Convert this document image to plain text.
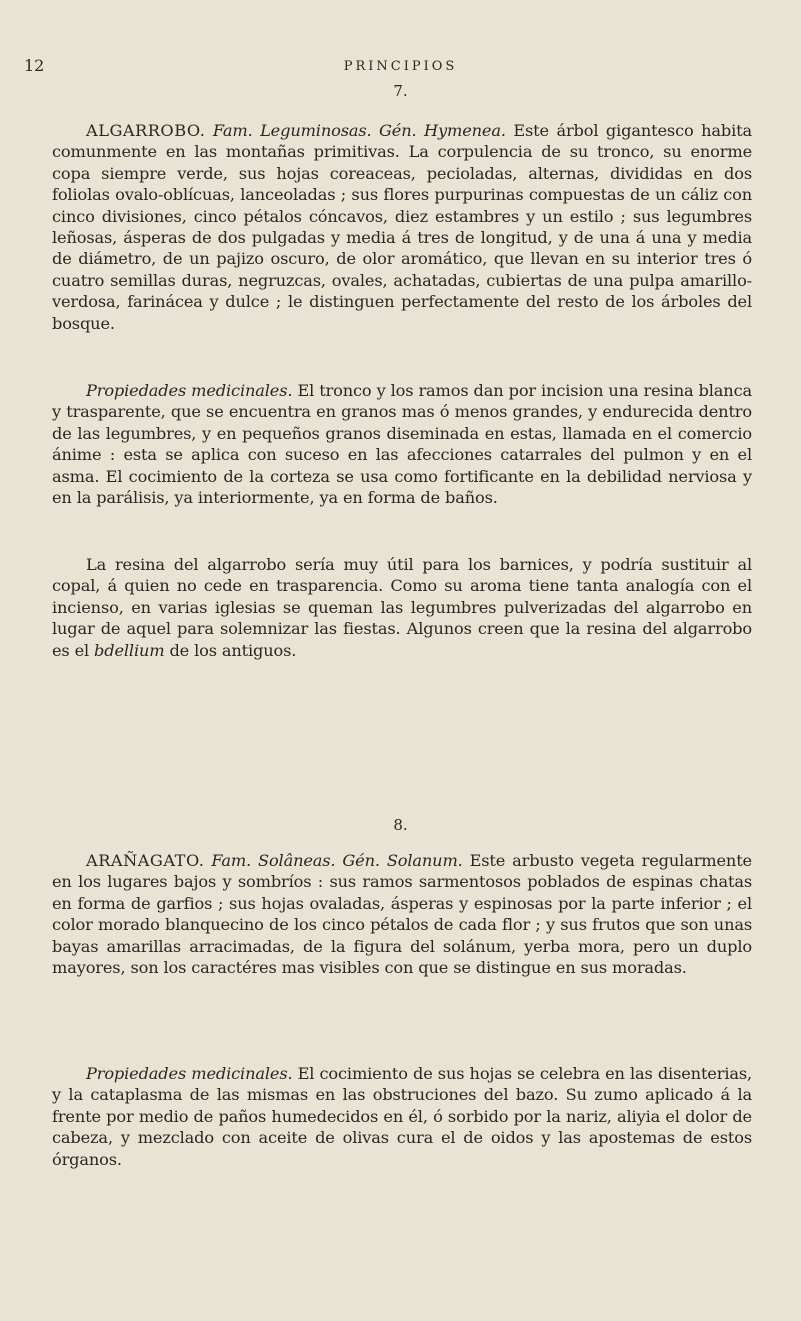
12	PRINCIPIOS
7.

ALGARROBO. Fam. Leguminosas. Gén. Hymenea. Este árbol gigantesco habita comunmente en las montañas primitivas. La corpulencia de su tronco, su enorme copa siempre verde, sus hojas coreaceas, pecioladas, alternas, divididas en dos foliolas ovalo-oblícuas, lanceoladas ; sus flores purpurinas compuestas de un cáliz con cinco divisiones, cinco pétalos cóncavos, diez estambres y un estilo ; sus legumbres leñosas, ásperas de dos pulgadas y media á tres de longitud, y de una á una y media de diámetro, de un pajizo oscuro, de olor aromático, que llevan en su interior tres ó cuatro semillas duras, negruzcas, ovales, achatadas, cubiertas de una pulpa amarillo-verdosa, farinácea y dulce ; le distinguen perfectamente del resto de los árboles del bosque.

Propiedades medicinales. El tronco y los ramos dan por incision una resina blanca y trasparente, que se encuentra en granos mas ó menos grandes, y endurecida dentro de las legumbres, y en pequeños granos diseminada en estas, llamada en el comercio ánime : esta se aplica con suceso en las afecciones catarrales del pulmon y en el asma. El cocimiento de la corteza se usa como fortificante en la debilidad nerviosa y en la parálisis, ya interiormente, ya en forma de baños.

La resina del algarrobo sería muy útil para los barnices, y podría sustituir al copal, á quien no cede en trasparencia. Como su aroma tiene tanta analogía con el incienso, en varias iglesias se queman las legumbres pulverizadas del algarrobo en lugar de aquel para solemnizar las fiestas. Algunos creen que la resina del algarrobo es el bdellium de los antiguos.

8.

ARAÑAGATO. Fam. Solâneas. Gén. Solanum. Este arbusto vegeta regularmente en los lugares bajos y sombríos : sus ramos sarmentosos poblados de espinas chatas en forma de garfios ; sus hojas ovaladas, ásperas y espinosas por la parte inferior ; el color morado blanquecino de los cinco pétalos de cada flor ; y sus frutos que son unas bayas amarillas arracimadas, de la figura del solánum, yerba mora, pero un duplo mayores, son los caractéres mas visibles con que se distingue en sus moradas.

Propiedades medicinales. El cocimiento de sus hojas se celebra en las disenterias, y la cataplasma de las mismas en las obstruciones del bazo. Su zumo aplicado á la frente por medio de paños humedecidos en él, ó sorbido por la nariz, aliyia el dolor de cabeza, y mezclado con aceite de olivas cura el de oidos y las apostemas de estos órganos.
